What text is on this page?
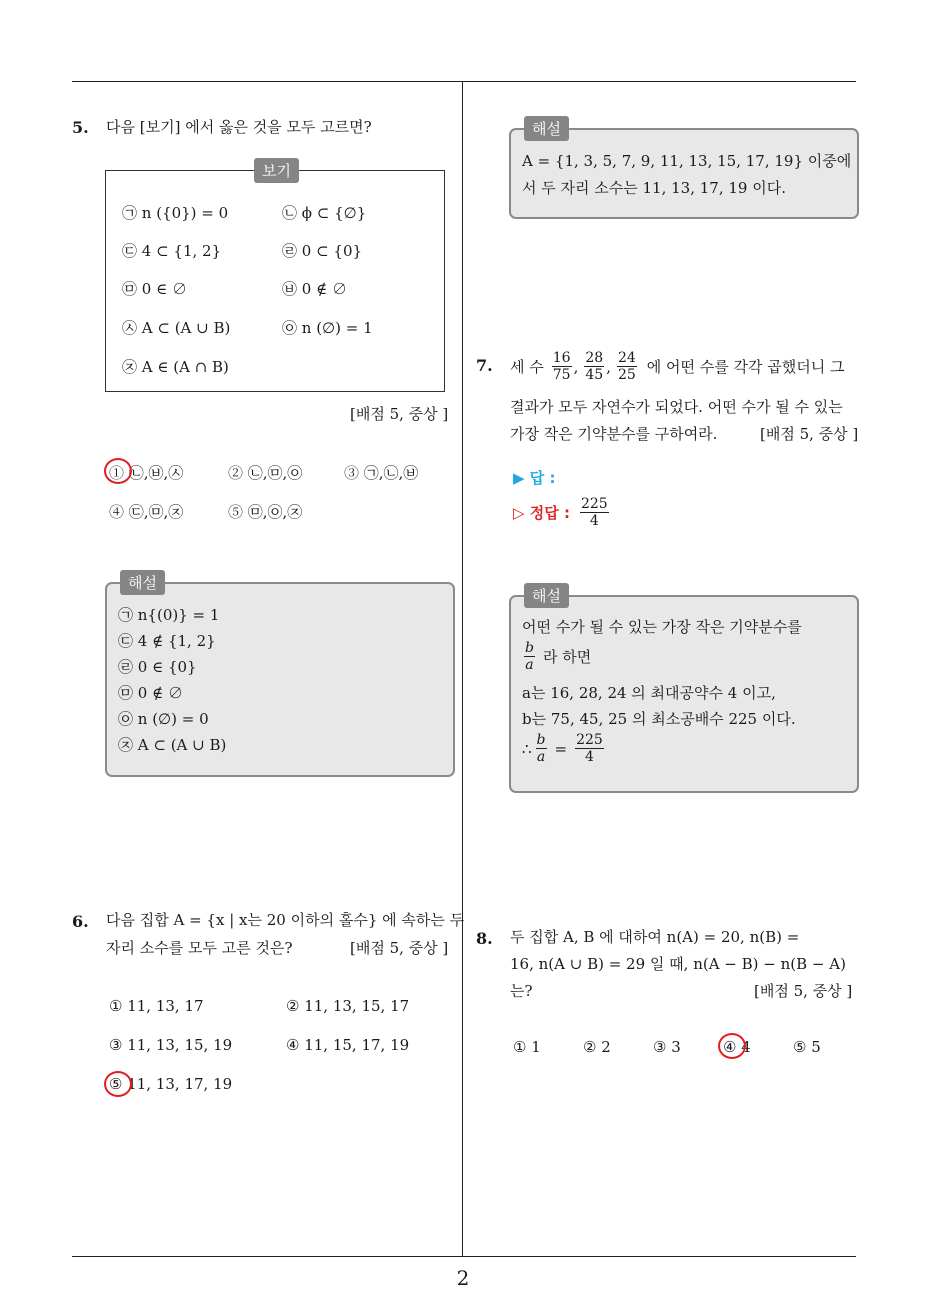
5. 다음 [보기] 에서 옳은 것을 모두 고르면?
보기
㉠ n ({0}) = 0	㉡ ϕ ⊂ {∅}
㉢ 4 ⊂ {1, 2}	㉣ 0 ⊂ {0}
㉤ 0 ∈ ∅	㉥ 0 ∉ ∅
㉦ A ⊂ (A ∪ B)	㉧ n (∅) = 1
㉨ A ∈ (A ∩ B)
[배점 5, 중상 ]
① ㉡,㉥,㉦	② ㉡,㉤,㉧	③ ㉠,㉡,㉥
④ ㉢,㉤,㉨	⑤ ㉤,㉧,㉨
해설
㉠ n{(0)} = 1
㉢ 4 ∉ {1, 2}
㉣ 0 ∈ {0}
㉤ 0 ∉ ∅
㉧ n (∅) = 0
㉨ A ⊂ (A ∪ B)
6. 다음 집합 A = {x | x는 20 이하의 홀수} 에 속하는 두
자리 소수를 모두 고른 것은?	[배점 5, 중상 ]
① 11, 13, 17	② 11, 13, 15, 17
③ 11, 13, 15, 19	④ 11, 15, 17, 19
⑤ 11, 13, 17, 19
해설
A = {1, 3, 5, 7, 9, 11, 13, 15, 17, 19} 이중에
서 두 자리 소수는 11, 13, 17, 19 이다.
7. 세 수 $\frac{16}{75}$ , $\frac{28}{45}$ , $\frac{24}{25}$ 에 어떤 수를 각각 곱했더니 그
결과가 모두 자연수가 되었다. 어떤 수가 될 수 있는
가장 작은 기약분수를 구하여라.	[배점 5, 중상 ]
▶ 답 :
▷ 정답 : $\frac{225}{4}$
해설
어떤 수가 될 수 있는 가장 작은 기약분수를
$\frac{b}{a}$ 라 하면
a는 16, 28, 24 의 최대공약수 4 이고,
b는 75, 45, 25 의 최소공배수 225 이다.
∴ $\frac{b}{a} = \frac{225}{4}$
8. 두 집합 A, B 에 대하여 n(A) = 20, n(B) =
16, n(A ∪ B) = 29 일 때, n(A − B) − n(B − A)
는?	[배점 5, 중상 ]
① 1	② 2	③ 3	④ 4	⑤ 5
2
